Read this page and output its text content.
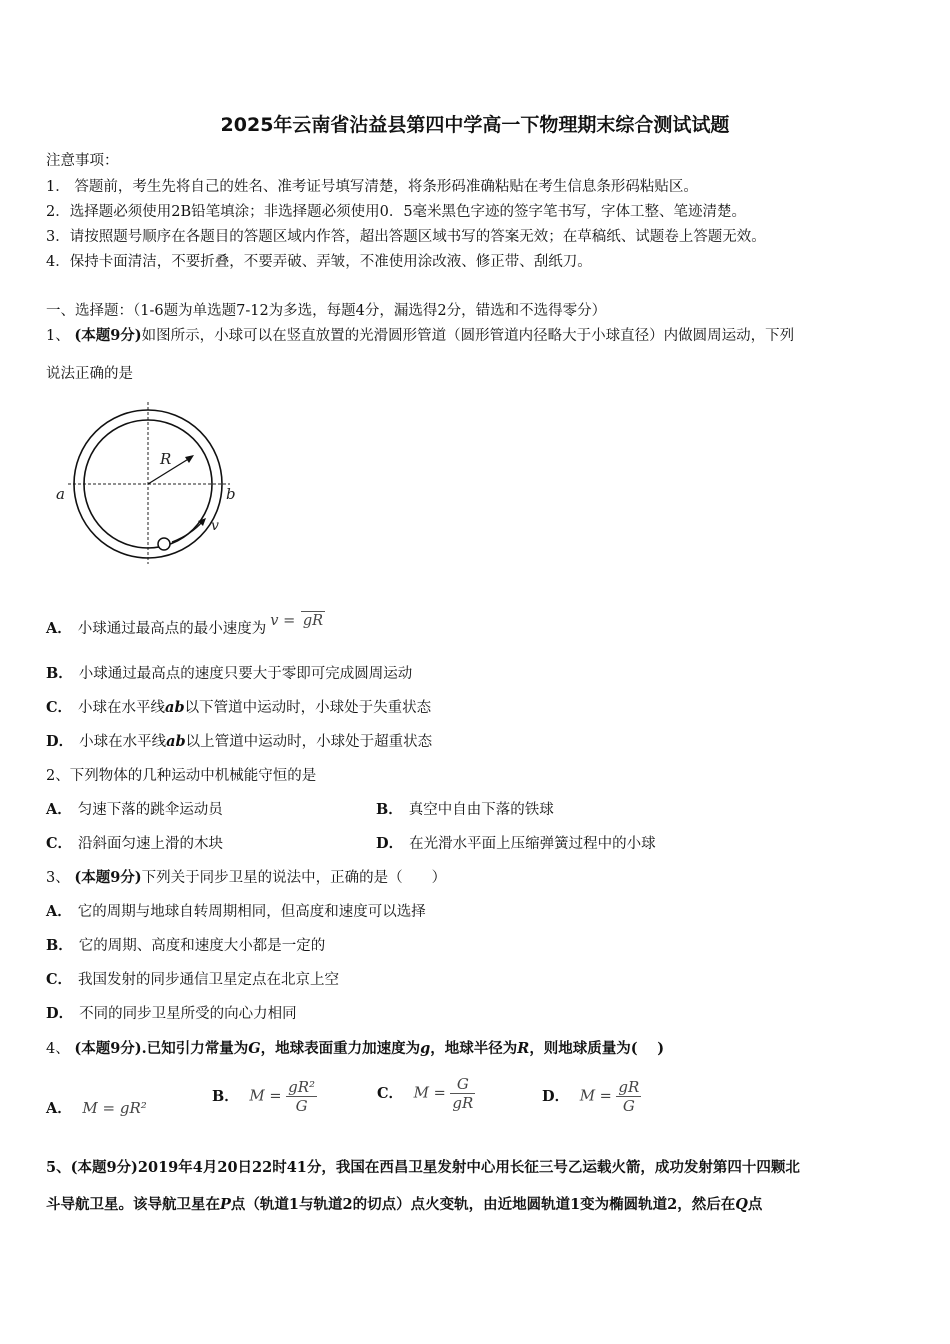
2025年云南省沾益县第四中学高一下物理期末综合测试试题
注意事项：
1． 答题前，考生先将自己的姓名、准考证号填写清楚，将条形码准确粘贴在考生信息条形码粘贴区。
2．选择题必须使用2B铅笔填涂；非选择题必须使用0．5毫米黑色字迹的签字笔书写，字体工整、笔迹清楚。
3．请按照题号顺序在各题目的答题区域内作答，超出答题区域书写的答案无效；在草稿纸、试题卷上答题无效。
4．保持卡面清洁，不要折叠，不要弄破、弄皱，不准使用涂改液、修正带、刮纸刀。
一、选择题：（1-6题为单选题7-12为多选，每题4分，漏选得2分，错选和不选得零分）
1、 (本题9分)如图所示，小球可以在竖直放置的光滑圆形管道（圆形管道内径略大于小球直径）内做圆周运动，下列
说法正确的是
R
a	b
v
A． 小球通过最高点的最小速度为 v = gR
B． 小球通过最高点的速度只要大于零即可完成圆周运动
C． 小球在水平线ab以下管道中运动时，小球处于失重状态
D． 小球在水平线ab以上管道中运动时，小球处于超重状态
2、下列物体的几种运动中机械能守恒的是
A． 匀速下落的跳伞运动员	B． 真空中自由下落的铁球
C． 沿斜面匀速上滑的木块	D． 在光滑水平面上压缩弹簧过程中的小球
3、 (本题9分)下列关于同步卫星的说法中，正确的是（　　）
A． 它的周期与地球自转周期相同，但高度和速度可以选择
B． 它的周期、高度和速度大小都是一定的
C． 我国发射的同步通信卫星定点在北京上空
D． 不同的同步卫星所受的向心力相同
4、 (本题9分).已知引力常量为G，地球表面重力加速度为g，地球半径为R，则地球质量为(　 )
A． M = gR²
B． $M = \frac{\text{gR²}}{G}$	C． $M = \frac{G}{gR}$	D． $M = \frac{gR}{G}$
5、(本题9分)2019年4月20日22时41分，我国在西昌卫星发射中心用长征三号乙运载火箭，成功发射第四十四颗北
斗导航卫星。该导航卫星在P点（轨道1与轨道2的切点）点火变轨，由近地圆轨道1变为椭圆轨道2，然后在Q点
